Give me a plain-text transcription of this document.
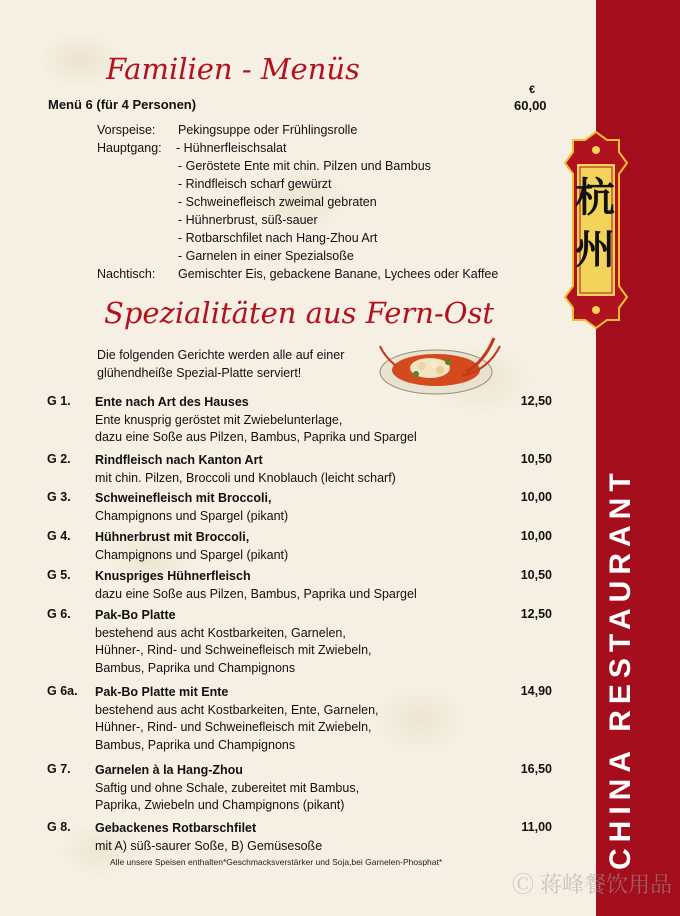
CHINA RESTAURANT
杭
州
Familien - Menüs
Menü 6 (für 4 Personen)
€
60,00
Vorspeise: Pekingsuppe oder Frühlingsrolle
Hauptgang: - Hühnerfleischsalat
- Geröstete Ente mit chin. Pilzen und Bambus
- Rindfleisch scharf gewürzt
- Schweinefleisch zweimal gebraten
- Hühnerbrust, süß-sauer
- Rotbarschfilet nach Hang-Zhou Art
- Garnelen in einer Spezialsoße
Nachtisch: Gemischter Eis, gebackene Banane, Lychees oder Kaffee
Spezialitäten aus Fern-Ost
Die folgenden Gerichte werden alle auf einer
glühendheiße Spezial-Platte serviert!
G 1. Ente nach Art des Hauses
Ente knusprig geröstet mit Zwiebelunterlage,
dazu eine Soße aus Pilzen, Bambus, Paprika und Spargel
12,50
G 2. Rindfleisch nach Kanton Art
mit chin. Pilzen, Broccoli und Knoblauch (leicht scharf)
10,50
G 3. Schweinefleisch mit Broccoli,
Champignons und Spargel (pikant)
10,00
G 4. Hühnerbrust mit Broccoli,
Champignons und Spargel (pikant)
10,00
G 5. Knuspriges Hühnerfleisch
dazu eine Soße aus Pilzen, Bambus, Paprika und Spargel
10,50
G 6. Pak-Bo Platte
bestehend aus acht Kostbarkeiten, Garnelen,
Hühner-, Rind- und Schweinefleisch mit Zwiebeln,
Bambus, Paprika und Champignons
12,50
G 6a. Pak-Bo Platte mit Ente
bestehend aus acht Kostbarkeiten, Ente, Garnelen,
Hühner-, Rind- und Schweinefleisch mit Zwiebeln,
Bambus, Paprika und Champignons
14,90
G 7. Garnelen à la Hang-Zhou
Saftig und ohne Schale, zubereitet mit Bambus,
Paprika, Zwiebeln und Champignons (pikant)
16,50
G 8. Gebackenes Rotbarschfilet
mit A) süß-saurer Soße, B) Gemüsesoße
11,00
Alle unsere Speisen enthalten*Geschmacksverstärker und Soja,bei Garnelen-Phosphat*
Ⓒ 蒋峰餐饮用品
